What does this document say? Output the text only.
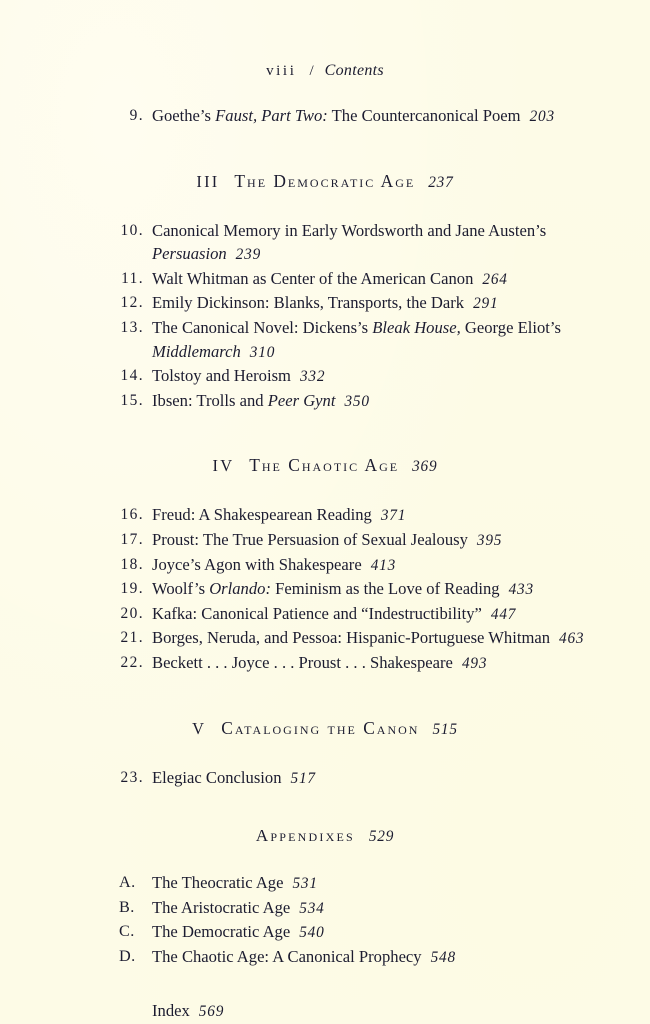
viii / Contents
9. Goethe’s Faust, Part Two: The Countercanonical Poem 203
III The Democratic Age 237
10. Canonical Memory in Early Wordsworth and Jane Austen’s Persuasion 239
11. Walt Whitman as Center of the American Canon 264
12. Emily Dickinson: Blanks, Transports, the Dark 291
13. The Canonical Novel: Dickens’s Bleak House, George Eliot’s Middlemarch 310
14. Tolstoy and Heroism 332
15. Ibsen: Trolls and Peer Gynt 350
IV The Chaotic Age 369
16. Freud: A Shakespearean Reading 371
17. Proust: The True Persuasion of Sexual Jealousy 395
18. Joyce’s Agon with Shakespeare 413
19. Woolf’s Orlando: Feminism as the Love of Reading 433
20. Kafka: Canonical Patience and “Indestructibility” 447
21. Borges, Neruda, and Pessoa: Hispanic-Portuguese Whitman 463
22. Beckett . . . Joyce . . . Proust . . . Shakespeare 493
V Cataloging the Canon 515
23. Elegiac Conclusion 517
Appendixes 529
A. The Theocratic Age 531
B.	The Aristocratic Age 534
C.	The Democratic Age 540
D. The Chaotic Age: A Canonical Prophecy 548
Index 569
